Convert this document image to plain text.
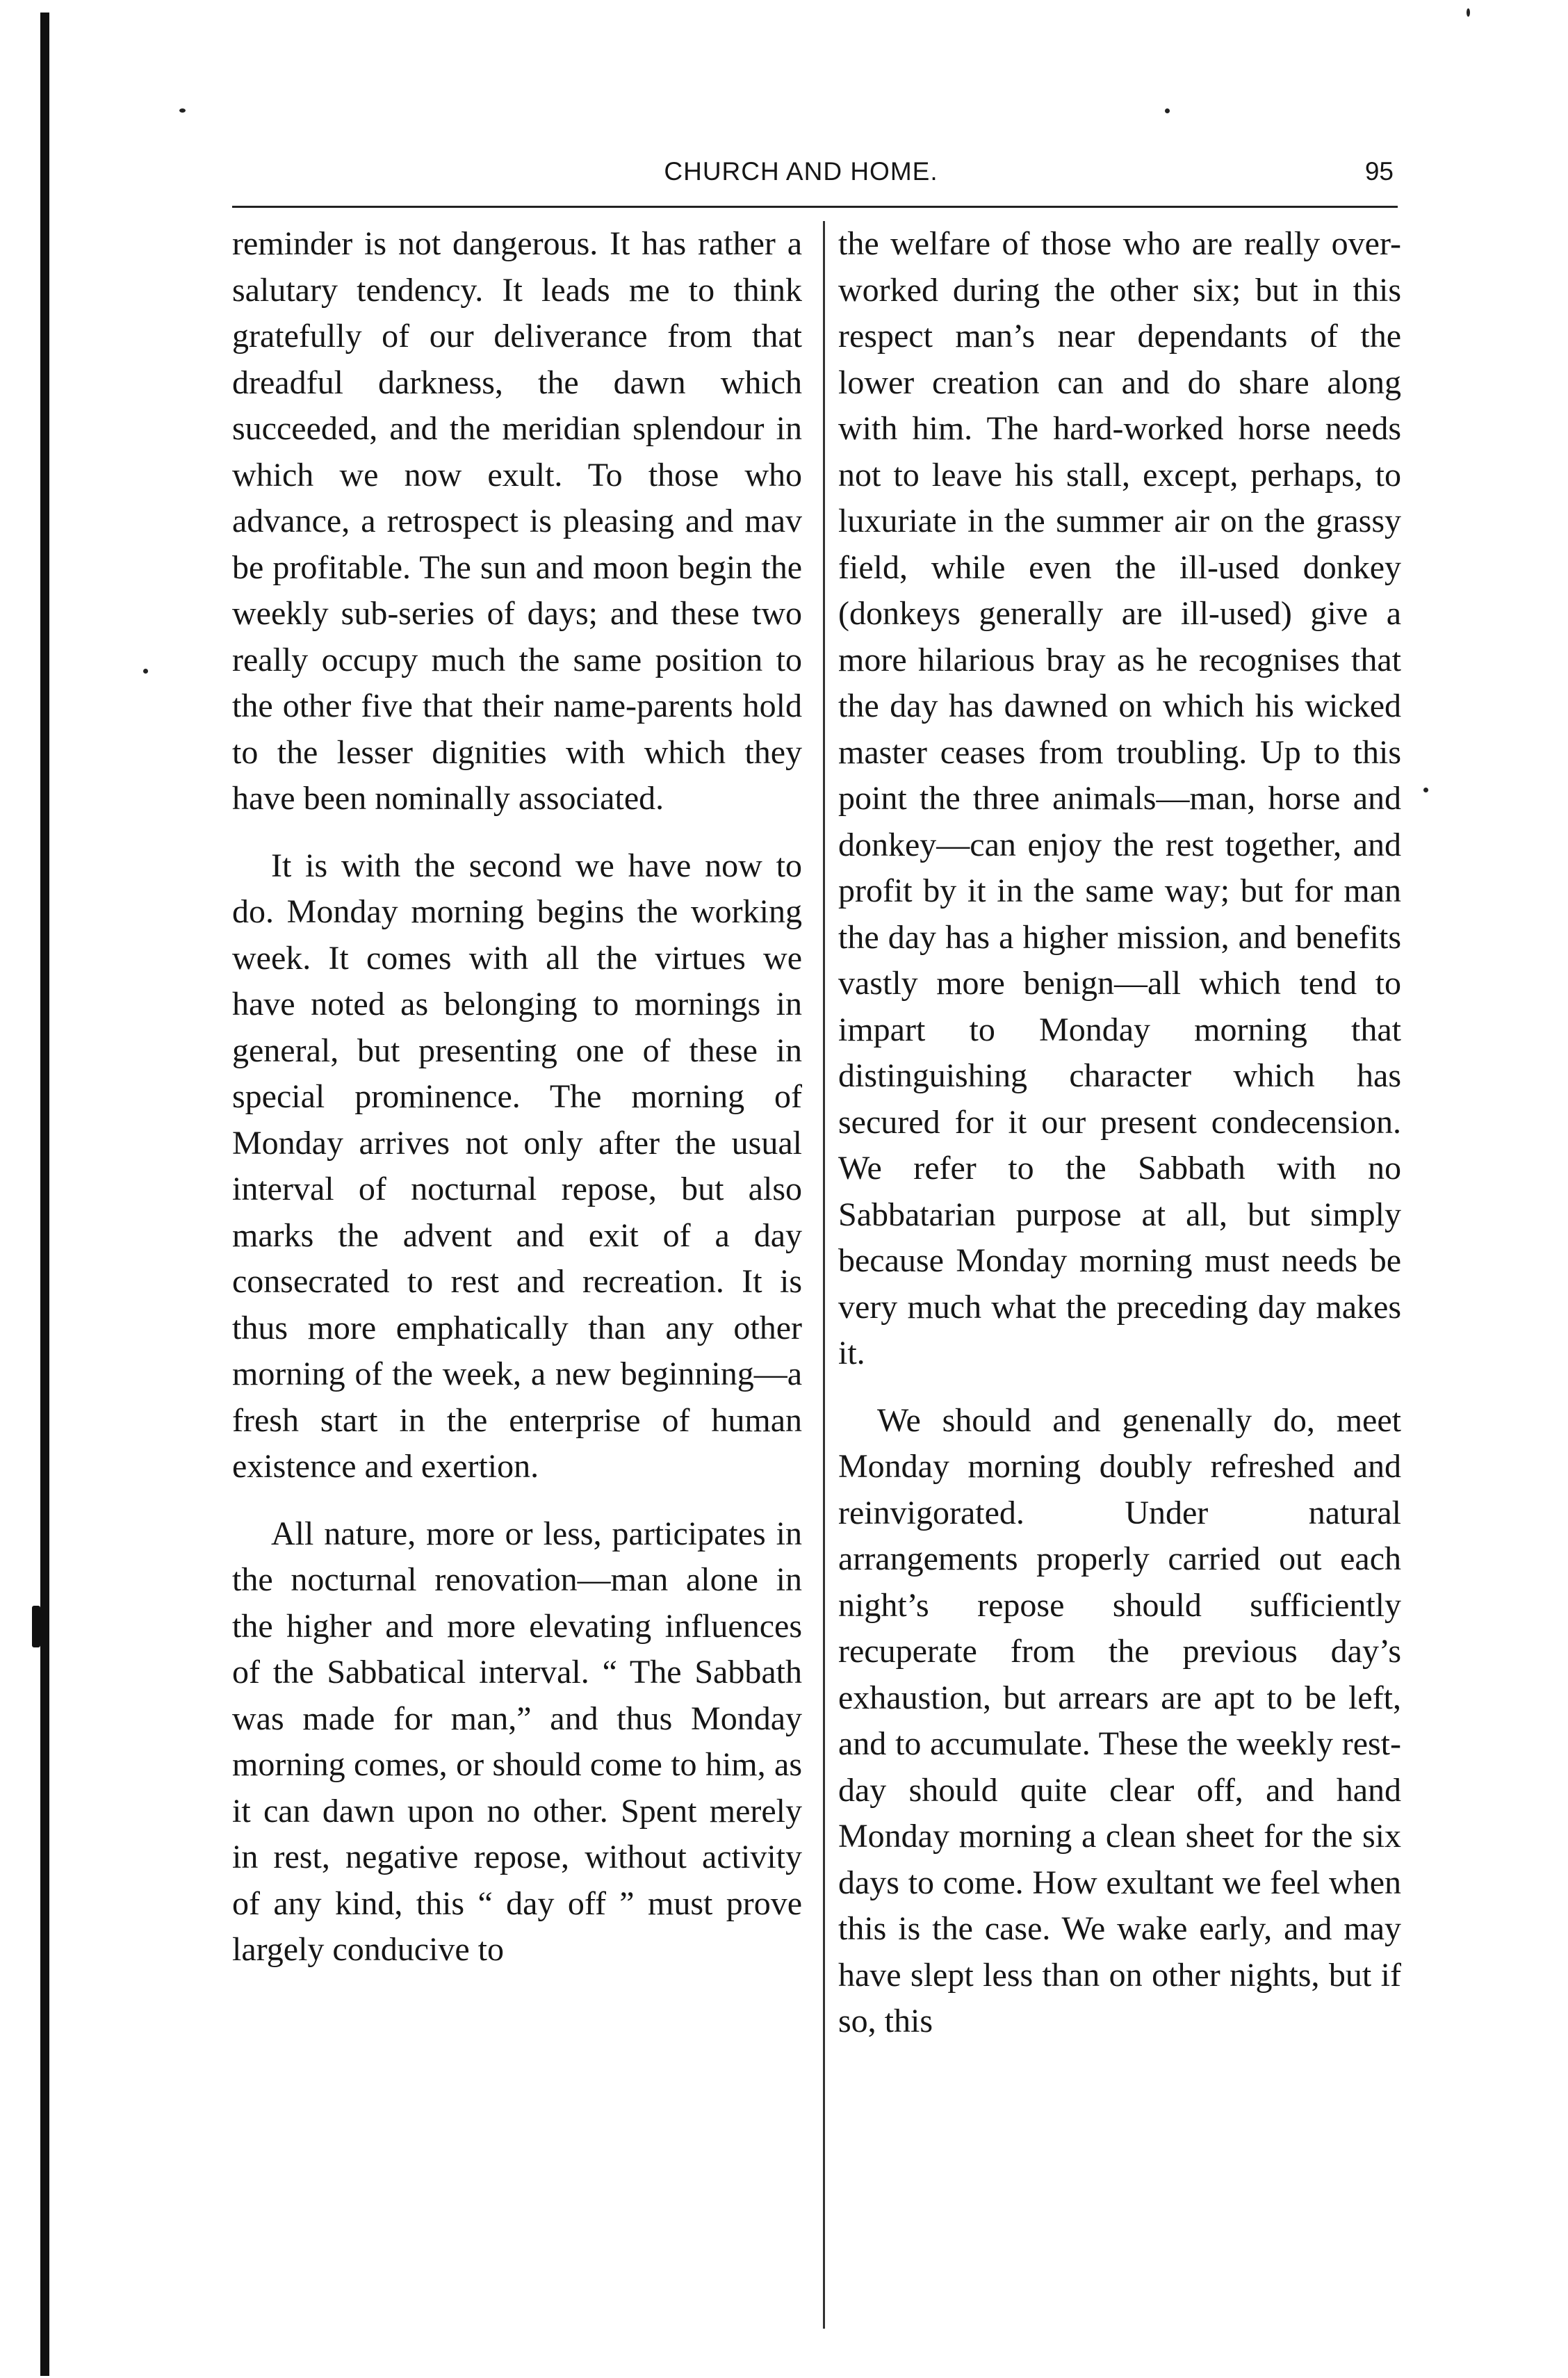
CHURCH AND HOME.	95

reminder is not dangerous. It has rather a salutary tendency. It leads me to think gratefully of our deliverance from that dreadful darkness, the dawn which succeeded, and the meridian splendour in which we now exult. To those who advance, a retrospect is pleasing and mav be profitable. The sun and moon begin the weekly sub-series of days; and these two really occupy much the same position to the other five that their name-parents hold to the lesser dignities with which they have been nominally associated.

It is with the second we have now to do. Monday morning begins the working week. It comes with all the virtues we have noted as belonging to mornings in general, but presenting one of these in special prominence. The morning of Monday arrives not only after the usual interval of nocturnal repose, but also marks the advent and exit of a day consecrated to rest and recreation. It is thus more emphatically than any other morning of the week, a new beginning—a fresh start in the enterprise of human existence and exertion.

All nature, more or less, participates in the nocturnal renovation—man alone in the higher and more elevating influences of the Sabbatical interval. “ The Sabbath was made for man,” and thus Monday morning comes, or should come to him, as it can dawn upon no other. Spent merely in rest, negative repose, without activity of any kind, this “ day off ” must prove largely conducive to

the welfare of those who are really over-worked during the other six; but in this respect man’s near dependants of the lower creation can and do share along with him. The hard-worked horse needs not to leave his stall, except, perhaps, to luxuriate in the summer air on the grassy field, while even the ill-used donkey (donkeys generally are ill-used) give a more hilarious bray as he recognises that the day has dawned on which his wicked master ceases from troubling. Up to this point the three animals—man, horse and donkey—can enjoy the rest together, and profit by it in the same way; but for man the day has a higher mission, and benefits vastly more benign—all which tend to impart to Monday morning that distinguishing character which has secured for it our present condecension. We refer to the Sabbath with no Sabbatarian purpose at all, but simply because Monday morning must needs be very much what the preceding day makes it.

We should and genenally do, meet Monday morning doubly refreshed and reinvigorated. Under natural arrangements properly carried out each night’s repose should sufficiently recuperate from the previous day’s exhaustion, but arrears are apt to be left, and to accumulate. These the weekly rest-day should quite clear off, and hand Monday morning a clean sheet for the six days to come. How exultant we feel when this is the case. We wake early, and may have slept less than on other nights, but if so, this
